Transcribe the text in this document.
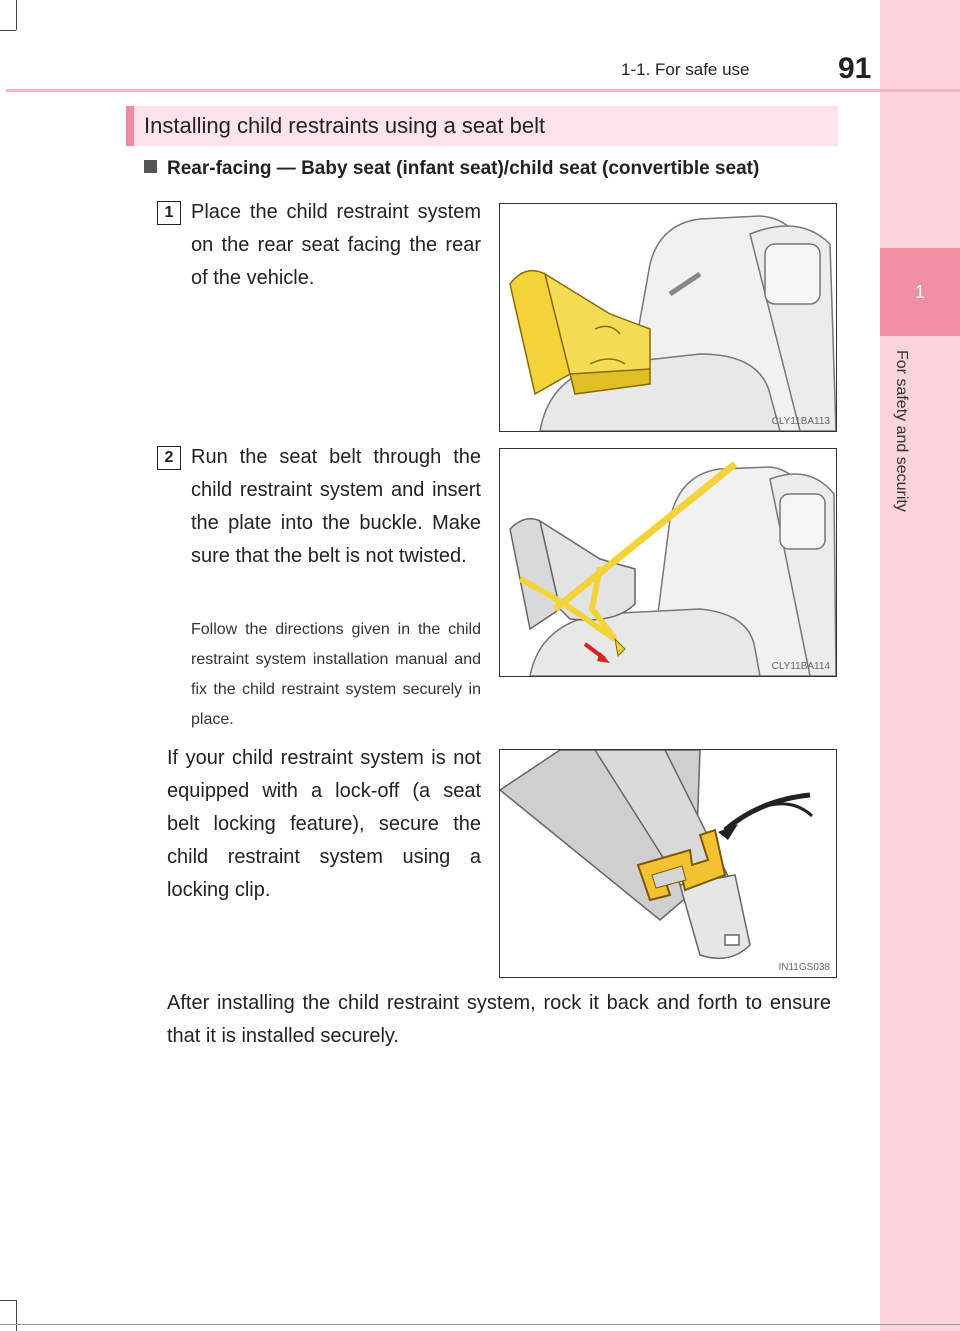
1
For safety and security
1-1. For safe use	91
Installing child restraints using a seat belt
Rear-facing — Baby seat (infant seat)/child seat (convertible seat)
1 Place the child restraint system on the rear seat facing the rear of the vehicle.
CLY11BA113
2 Run the seat belt through the child restraint system and insert the plate into the buckle. Make sure that the belt is not twisted.
Follow the directions given in the child restraint system installation manual and fix the child restraint system securely in place.
CLY11BA114
If your child restraint system is not equipped with a lock-off (a seat belt locking feature), secure the child restraint system using a locking clip.
IN11GS038
After installing the child restraint system, rock it back and forth to ensure that it is installed securely.
